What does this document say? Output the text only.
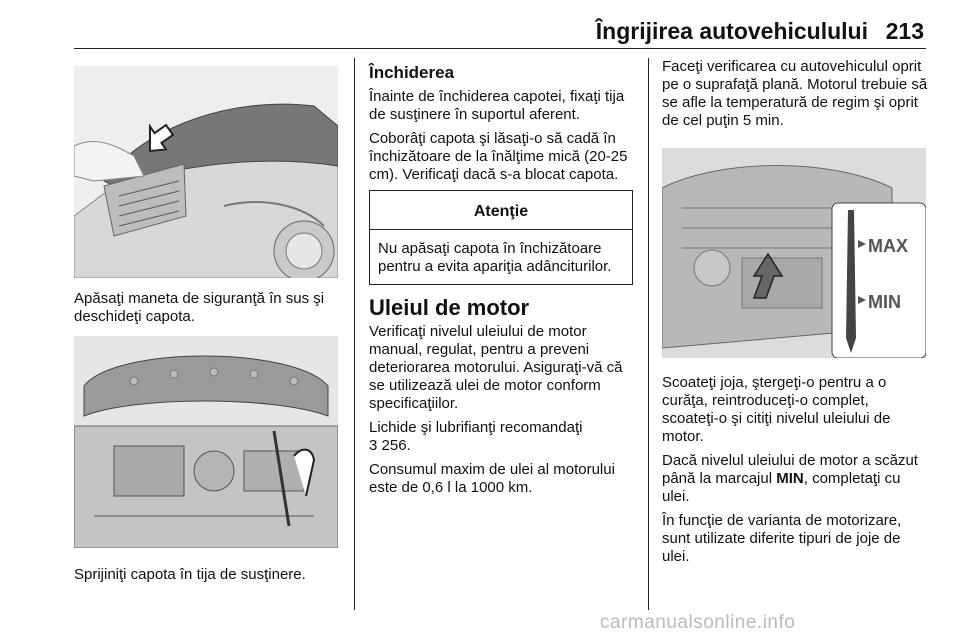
Îngrijirea autovehiculului 213

Apăsaţi maneta de siguranţă în sus şi deschideţi capota.

Sprijiniţi capota în tija de susţinere.

Închiderea

Înainte de închiderea capotei, fixaţi tija de susţinere în suportul aferent.

Coborâţi capota şi lăsaţi-o să cadă în închizătoare de la înălţime mică (20-25 cm). Verificaţi dacă s-a blocat capota.

Atenţie
Nu apăsaţi capota în închizătoare pentru a evita apariţia adânciturilor.
Uleiul de motor

Verificaţi nivelul uleiului de motor manual, regulat, pentru a preveni deteriorarea motorului. Asiguraţi-vă că se utilizează ulei de motor conform specificaţiilor.

Lichide şi lubrifianţi recomandaţi
3 256.

Consumul maxim de ulei al motorului este de 0,6 l la 1000 km.

Faceţi verificarea cu autovehiculul oprit pe o suprafaţă plană. Motorul trebuie să se afle la temperatură de regim şi oprit de cel puţin 5 min.

MAX
MIN

Scoateţi joja, ştergeţi-o pentru a o curăţa, reintroduceţi-o complet, scoateţi-o şi citiţi nivelul uleiului de motor.

Dacă nivelul uleiului de motor a scăzut până la marcajul MIN, completaţi cu ulei.

În funcţie de varianta de motorizare, sunt utilizate diferite tipuri de joje de ulei.

carmanualsonline.info
